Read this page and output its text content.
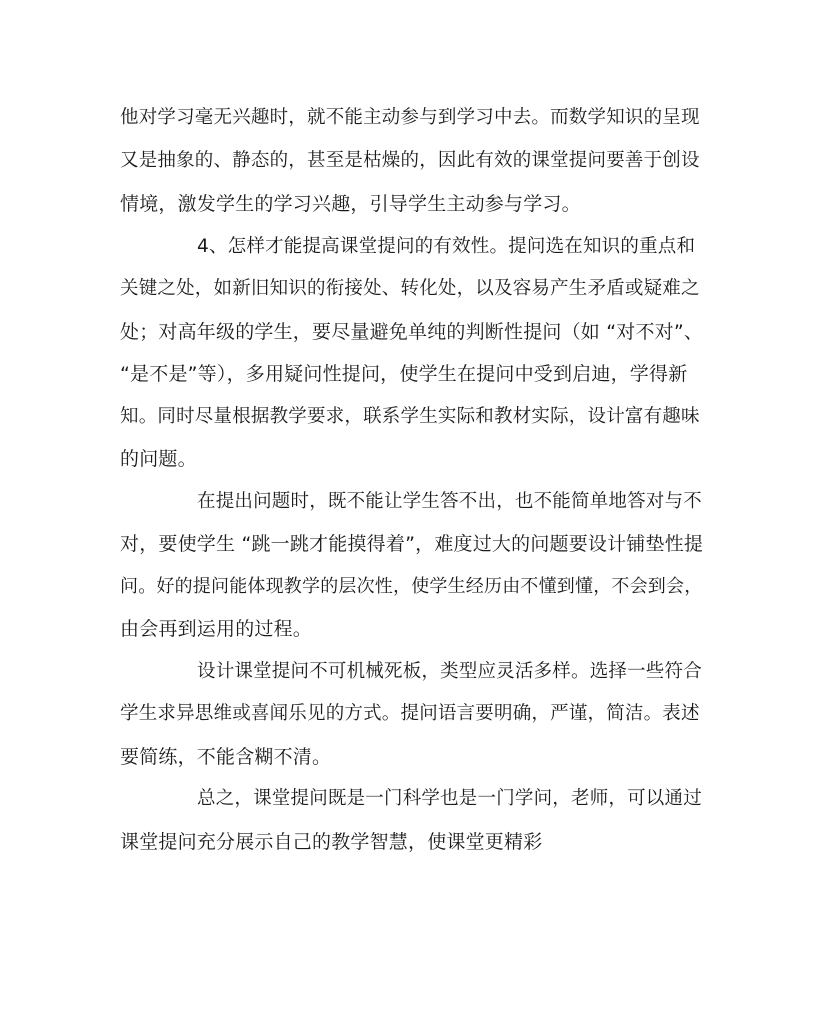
他对学习毫无兴趣时，就不能主动参与到学习中去。而数学知识的呈现
又是抽象的、静态的，甚至是枯燥的，因此有效的课堂提问要善于创设
情境，激发学生的学习兴趣，引导学生主动参与学习。
4、怎样才能提高课堂提问的有效性。提问选在知识的重点和
关键之处，如新旧知识的衔接处、转化处，以及容易产生矛盾或疑难之
处；对高年级的学生，要尽量避免单纯的判断性提问（如 “对不对”、
“是不是”等），多用疑问性提问，使学生在提问中受到启迪，学得新
知。同时尽量根据教学要求，联系学生实际和教材实际，设计富有趣味
的问题。
在提出问题时，既不能让学生答不出，也不能简单地答对与不
对，要使学生 “跳一跳才能摸得着”，难度过大的问题要设计铺垫性提
问。好的提问能体现教学的层次性，使学生经历由不懂到懂，不会到会，
由会再到运用的过程。
设计课堂提问不可机械死板，类型应灵活多样。选择一些符合
学生求异思维或喜闻乐见的方式。提问语言要明确，严谨，简洁。表述
要简练，不能含糊不清。
总之，课堂提问既是一门科学也是一门学问，老师，可以通过
课堂提问充分展示自己的教学智慧，使课堂更精彩
